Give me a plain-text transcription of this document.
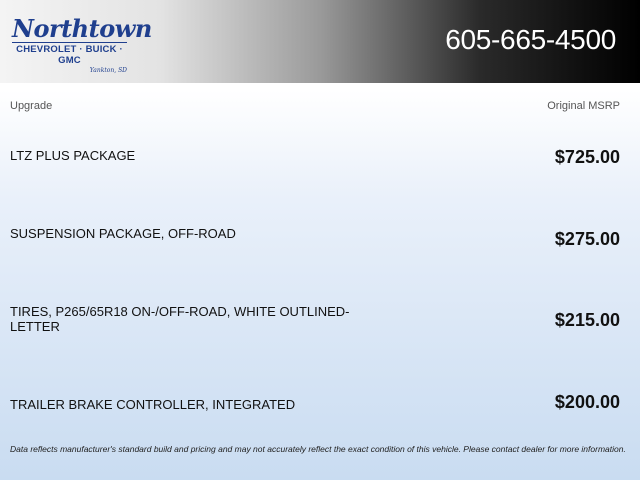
Northtown
CHEVROLET · BUICK · GMC
Yankton, SD
605-665-4500
Upgrade	Original MSRP
LTZ PLUS PACKAGE	$725.00
SUSPENSION PACKAGE, OFF-ROAD	$275.00
TIRES, P265/65R18 ON-/OFF-ROAD, WHITE OUTLINED-LETTER	$215.00
TRAILER BRAKE CONTROLLER, INTEGRATED	$200.00
Data reflects manufacturer's standard build and pricing and may not accurately reflect the exact condition of this vehicle. Please contact dealer for more information.
